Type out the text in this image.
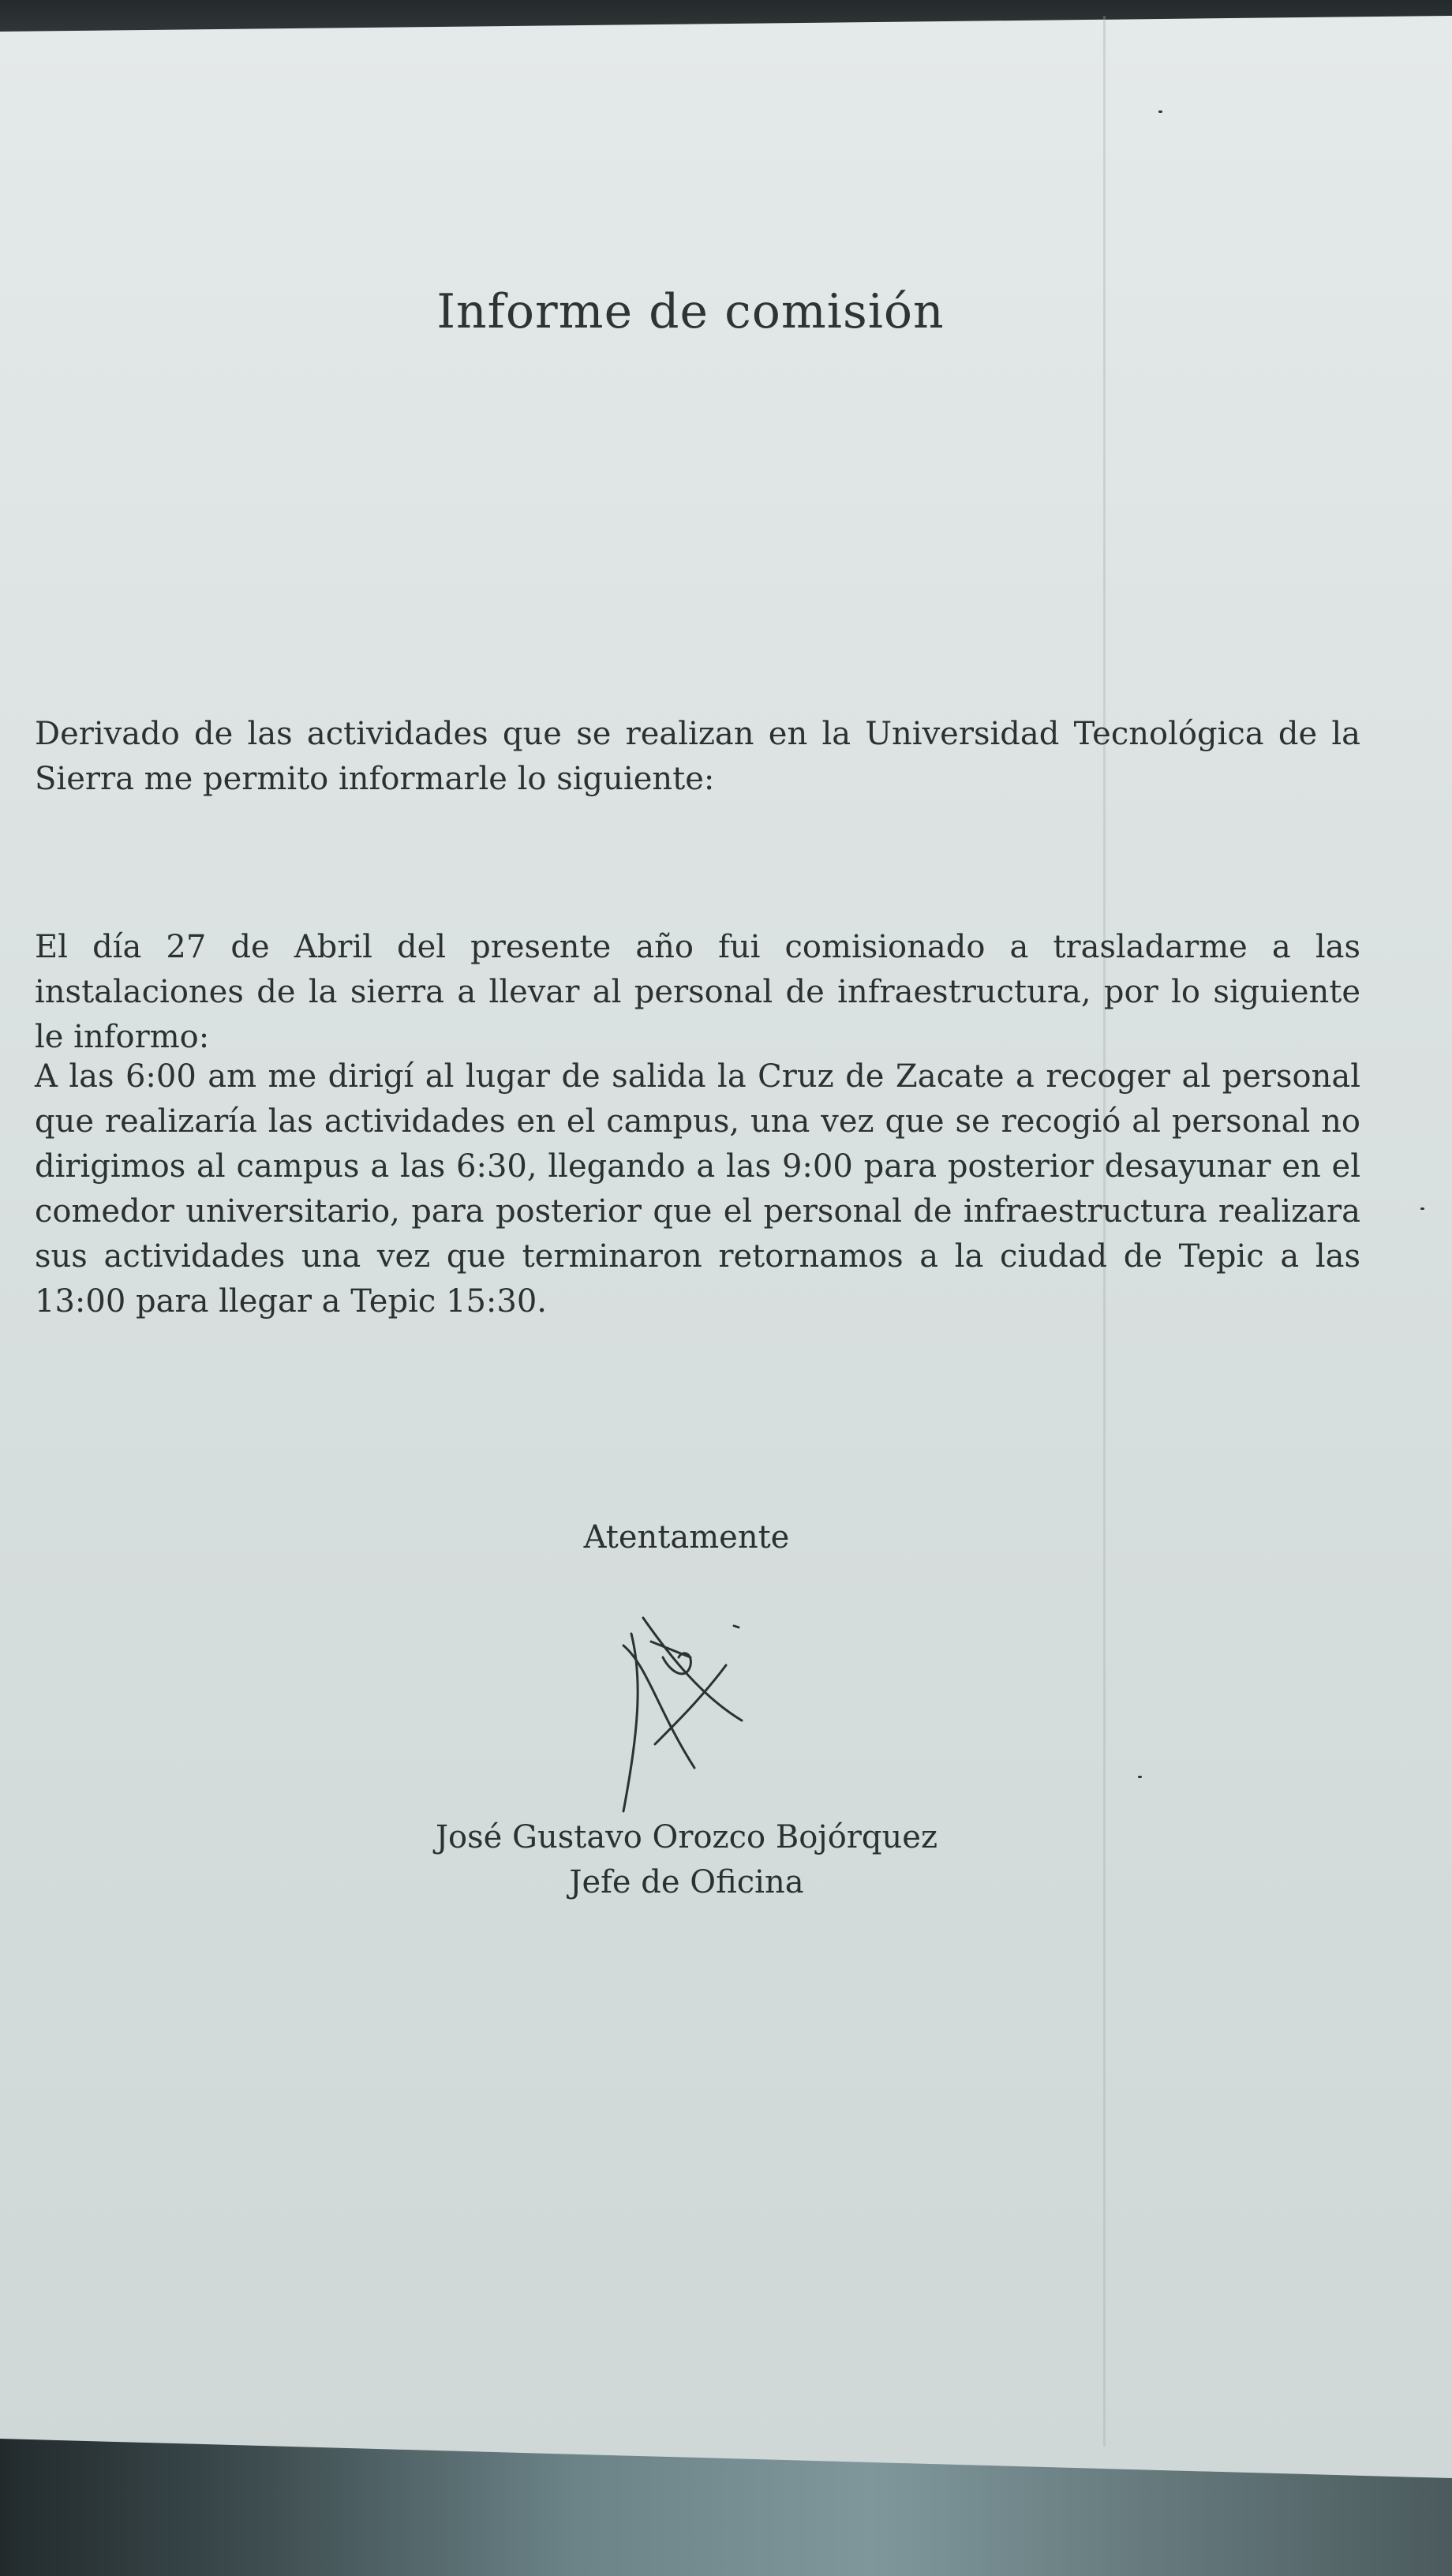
Informe de comisión
Derivado de las actividades que se realizan en la Universidad Tecnológica de la Sierra me permito informarle lo siguiente:
El día 27 de Abril del presente año fui comisionado a trasladarme a las instalaciones de la sierra a llevar al personal de infraestructura, por lo siguiente le informo:
A las 6:00 am me dirigí al lugar de salida la Cruz de Zacate a recoger al personal que realizaría las actividades en el campus, una vez que se recogió al personal no dirigimos al campus a las 6:30, llegando a las 9:00 para posterior desayunar en el comedor universitario, para posterior que el personal de infraestructura realizara sus actividades una vez que terminaron retornamos a la ciudad de Tepic a las 13:00 para llegar a Tepic 15:30.
Atentamente
José Gustavo Orozco Bojórquez
Jefe de Oficina
